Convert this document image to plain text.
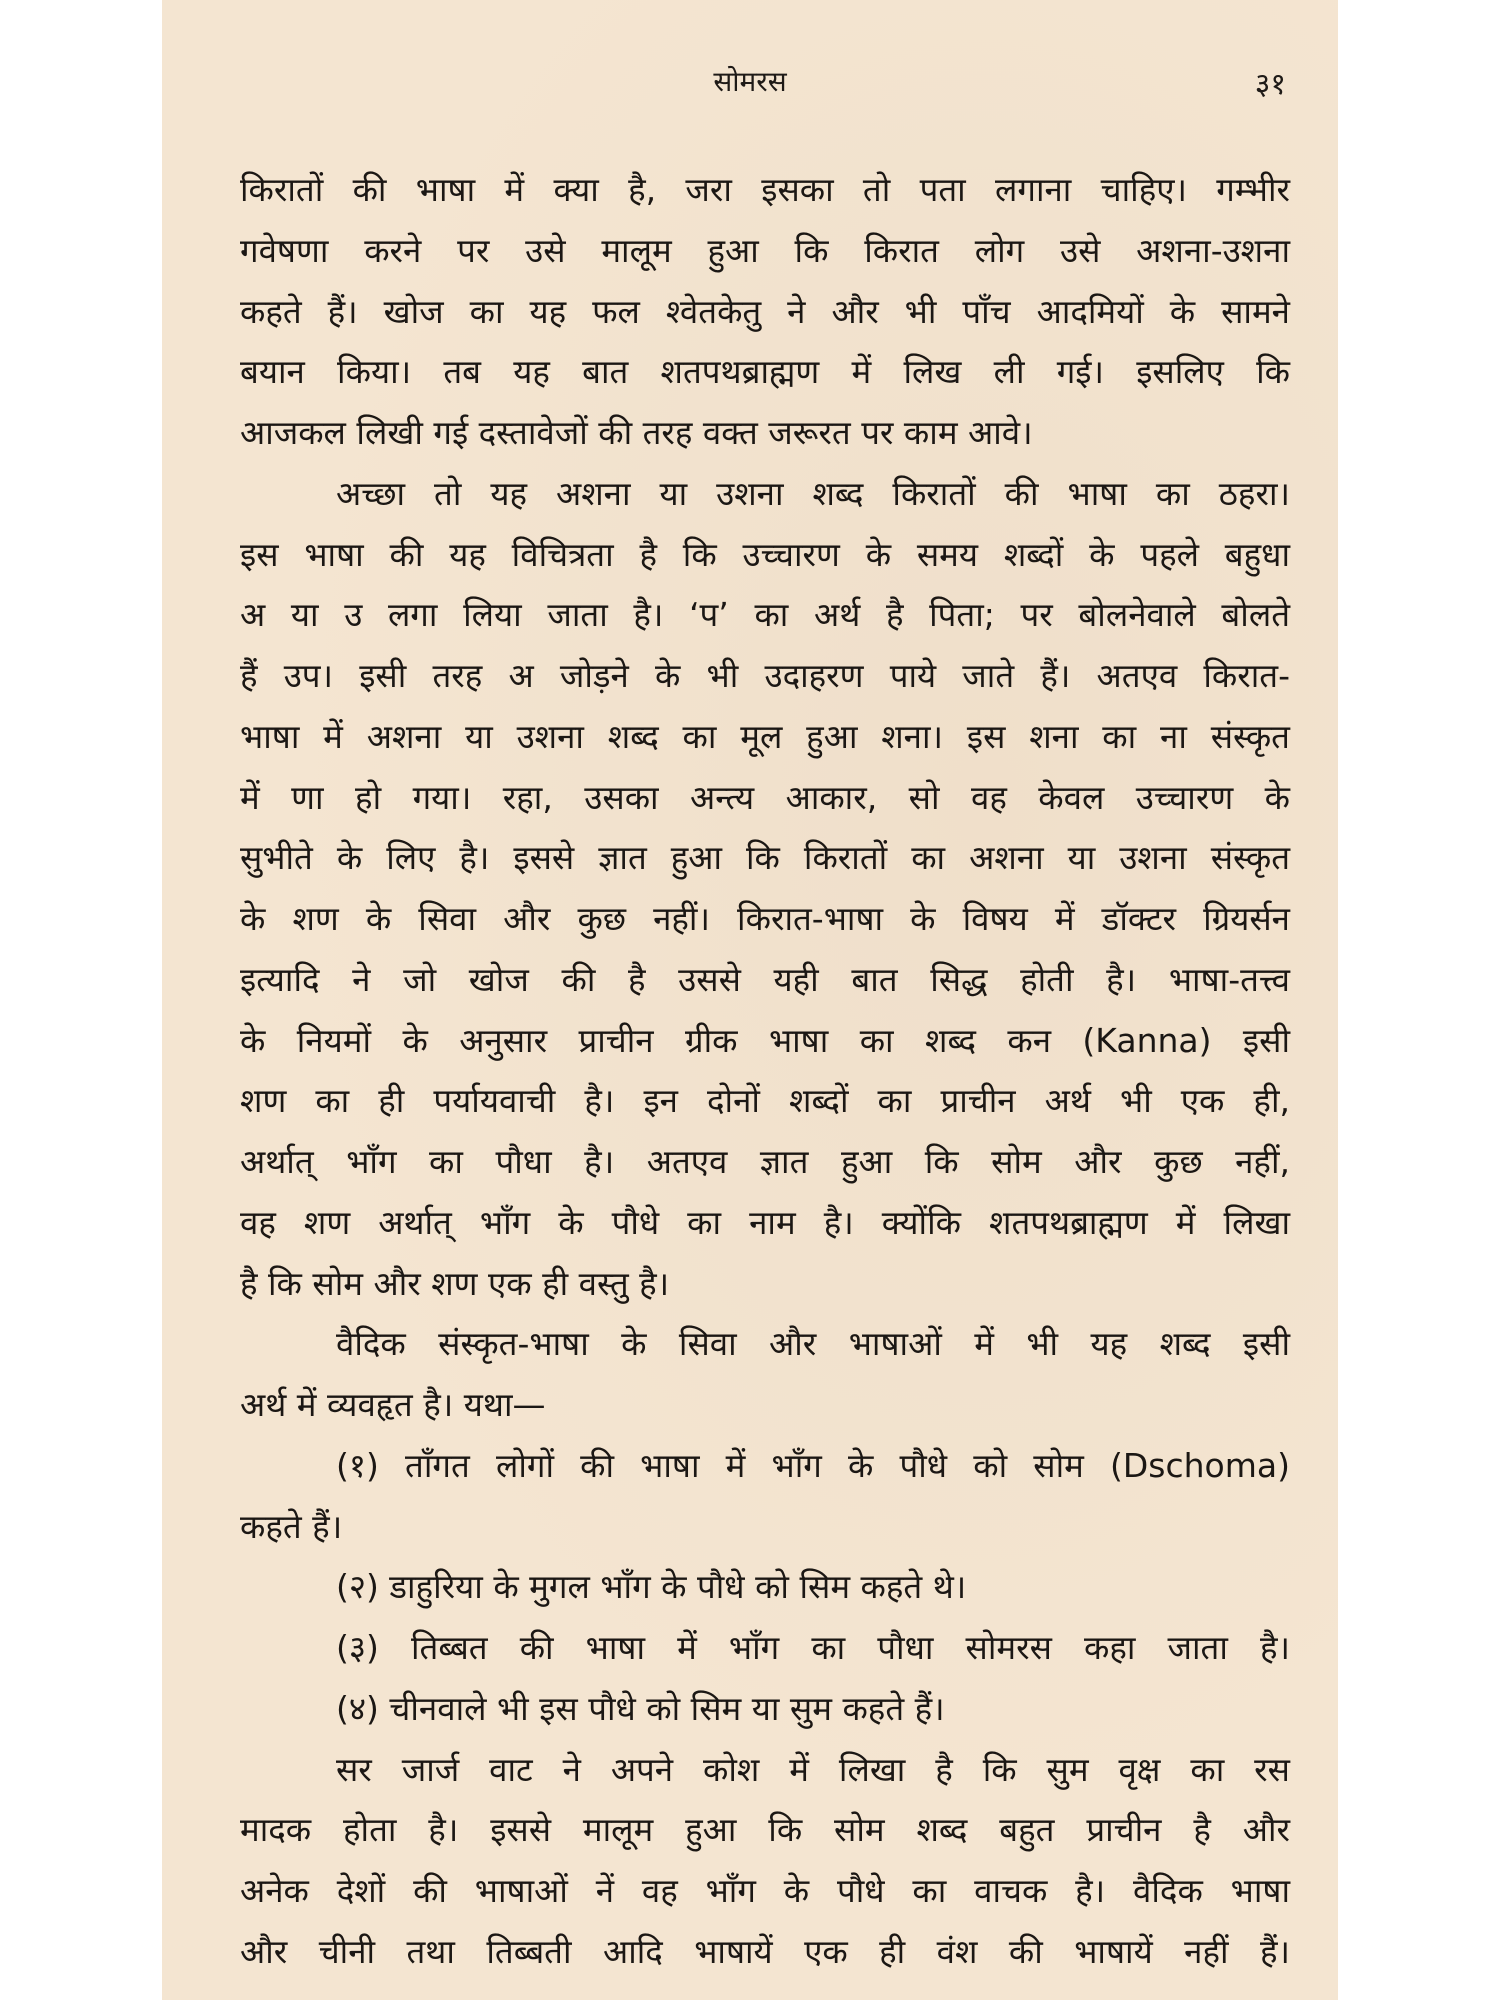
सोमरस	३१
किरातों की भाषा में क्या है, जरा इसका तो पता लगाना चाहिए। गम्भीर
गवेषणा करने पर उसे मालूम हुआ कि किरात लोग उसे अशना-उशना
कहते हैं। खोज का यह फल श्वेतकेतु ने और भी पाँच आदमियों के सामने
बयान किया। तब यह बात शतपथब्राह्मण में लिख ली गई। इसलिए कि
आजकल लिखी गई दस्तावेजों की तरह वक्त जरूरत पर काम आवे।
अच्छा तो यह अशना या उशना शब्द किरातों की भाषा का ठहरा।
इस भाषा की यह विचित्रता है कि उच्चारण के समय शब्दों के पहले बहुधा
अ या उ लगा लिया जाता है। ‘प’ का अर्थ है पिता; पर बोलनेवाले बोलते
हैं उप। इसी तरह अ जोड़ने के भी उदाहरण पाये जाते हैं। अतएव किरात-
भाषा में अशना या उशना शब्द का मूल हुआ शना। इस शना का ना संस्कृत
में णा हो गया। रहा, उसका अन्त्य आकार, सो वह केवल उच्चारण के
सुभीते के लिए है। इससे ज्ञात हुआ कि किरातों का अशना या उशना संस्कृत
के शण के सिवा और कुछ नहीं। किरात-भाषा के विषय में डॉक्टर ग्रियर्सन
इत्यादि ने जो खोज की है उससे यही बात सिद्ध होती है। भाषा-तत्त्व
के नियमों के अनुसार प्राचीन ग्रीक भाषा का शब्द कन (Kanna) इसी
शण का ही पर्यायवाची है। इन दोनों शब्दों का प्राचीन अर्थ भी एक ही,
अर्थात् भाँग का पौधा है। अतएव ज्ञात हुआ कि सोम और कुछ नहीं,
वह शण अर्थात् भाँग के पौधे का नाम है। क्योंकि शतपथब्राह्मण में लिखा
है कि सोम और शण एक ही वस्तु है।
वैदिक संस्कृत-भाषा के सिवा और भाषाओं में भी यह शब्द इसी
अर्थ में व्यवहृत है। यथा—
(१) ताँगत लोगों की भाषा में भाँग के पौधे को सोम (Dschoma)
कहते हैं।
(२) डाहुरिया के मुगल भाँग के पौधे को सिम कहते थे।
(३) तिब्बत की भाषा में भाँग का पौधा सोमरस कहा जाता है।
(४) चीनवाले भी इस पौधे को सिम या सुम कहते हैं।
सर जार्ज वाट ने अपने कोश में लिखा है कि सुम वृक्ष का रस
मादक होता है। इससे मालूम हुआ कि सोम शब्द बहुत प्राचीन है और
अनेक देशों की भाषाओं नें वह भाँग के पौधे का वाचक है। वैदिक भाषा
और चीनी तथा तिब्बती आदि भाषायें एक ही वंश की भाषायें नहीं हैं।
